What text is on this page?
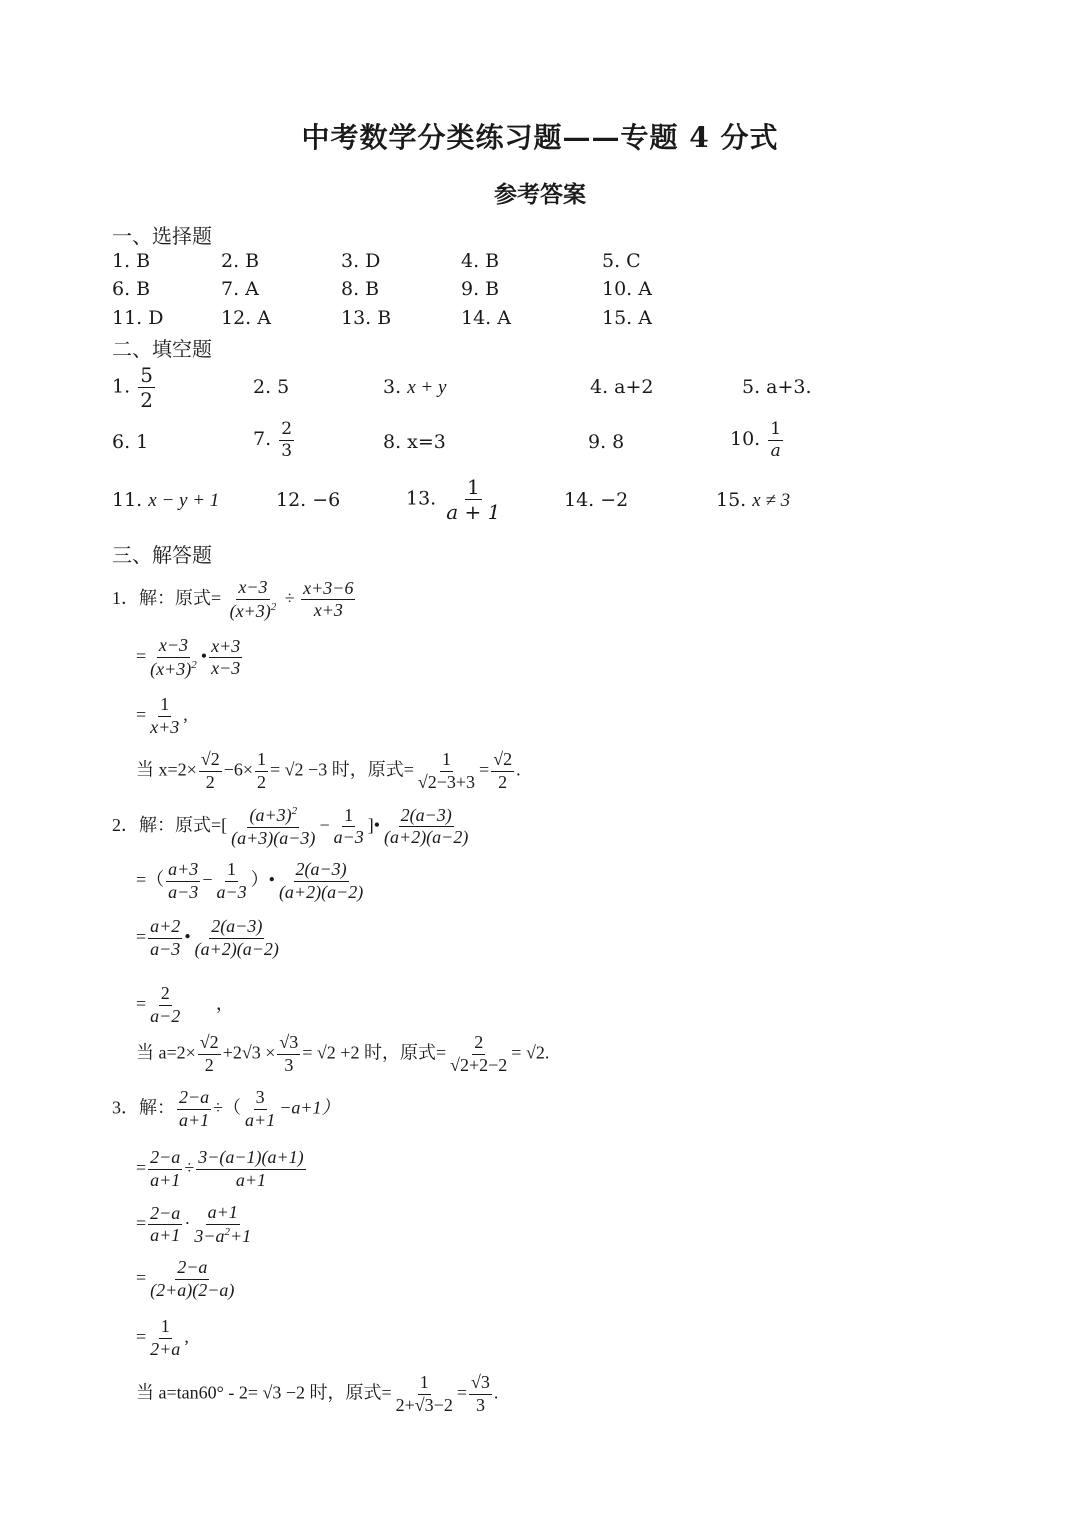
中考数学分类练习题——专题 4 分式
参考答案
一、选择题
1. B	2. B	3. D	4. B	5. C
6. B	7. A	8. B	9. B	10. A
11. D	12. A	13. B	14. A	15. A
二、填空题
1. $\frac{5}{2}$	2. 5	3. x + y	4. a+2	5. a+3.
6. 1	7. $\frac{2}{3}$	8. x=3	9. 8	10. $\frac{1}{a}$
11. x − y + 1	12. −6	13. $\frac{1}{a + 1}$	14. −2	15. x ≠ 3
三、解答题
1．解：原式= $\frac{x-3}{(x+3)^2} \div \frac{x+3-6}{x+3}$
= $\frac{x-3}{(x+3)^2}$ • $\frac{x+3}{x-3}$
= $\frac{1}{x+3}$ ,
当 $x=2\times \frac{√2}{2} -6\times \frac{1}{2} = √2 -3$ 时，原式= $\frac{1}{√2-3+3} = \frac{√2}{2}$ .
2．解：原式=[ $\frac{(a+3)^2}{(a+3)(a-3)} - \frac{1}{a-3}$ ]• $\frac{2(a-3)}{(a+2)(a-2)}$
=（ $\frac{a+3}{a-3} - \frac{1}{a-3}$ ）• $\frac{2(a-3)}{(a+2)(a-2)}$
= $\frac{a+2}{a-3}$ • $\frac{2(a-3)}{(a+2)(a-2)}$
= $\frac{2}{a-2}$ ，
当 $a=2\times \frac{√2}{2} +2√3 \times \frac{√3}{3} = √2 +2$ 时，原式= $\frac{2}{√2+2-2} = √2$.
3．解： $\frac{2-a}{a+1}$ ÷（ $\frac{3}{a+1} -a+1$）
= $\frac{2-a}{a+1} \div \frac{3-(a-1)(a+1)}{a+1}$
= $\frac{2-a}{a+1} \cdot \frac{a+1}{3-a^2+1}$
= $\frac{2-a}{(2+a)(2-a)}$
= $\frac{1}{2+a}$ ,
当 a=tan60° - 2= √3 −2 时，原式= $\frac{1}{2+√3-2} = \frac{√3}{3}$ .
